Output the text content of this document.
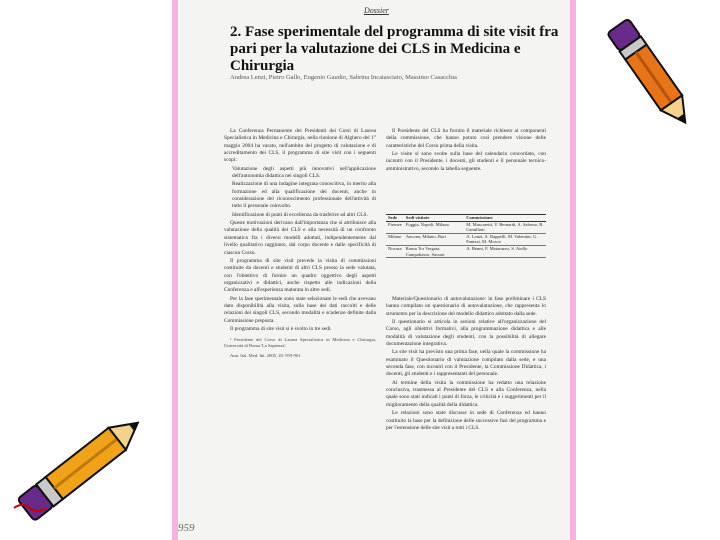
Dossier
2. Fase sperimentale del programma di site visit fra pari per la valutazione dei CLS in Medicina e Chirurgia
Andrea Lenzi, Pietro Gallo, Eugenio Gaudio, Sabrina Incatasciato, Massimo Casacchia

La Conferenza Permanente dei Presidenti dei Corsi di Laurea Specialistica in Medicina e Chirurgia, nella riunione di Alghero del 1° maggio 2004 ha varato, nell'ambito del progetto di valutazione e di accreditamento dei CLS, il programma di site visit con i seguenti scopi:

Valutazione degli aspetti più innovativi nell'applicazione dell'autonomia didattica nei singoli CLS.

Realizzazione di una indagine integrata conoscitiva, in merito alla formazione ed alla qualificazione dei docenti, anche in considerazione del riconoscimento professionale dell'attività di tutto il personale coinvolto.

Identificazione di punti di eccellenza da trasferire ad altri CLS.

Queste motivazioni derivano dall'importanza che si attribuisce alla valutazione della qualità dei CLS e alla necessità di un confronto sistematico fra i diversi modelli adottati, indipendentemente dal livello qualitativo raggiunto, dal corpo docente e dalle specificità di ciascun Corso.

Il programma di site visit prevede la visita di commissioni costituite da docenti e studenti di altri CLS presso la sede valutata, con l'obiettivo di fornire un quadro oggettivo degli aspetti organizzativi e didattici, anche rispetto alle indicazioni della Conferenza e all'esperienza maturata in altre sedi.

Per la fase sperimentale sono state selezionate le sedi che avevano dato disponibilità alla visita, sulla base dei dati raccolti e delle relazioni dei singoli CLS, secondo modalità e scadenze definite dalla Commissione preposta.

Il programma di site visit si è svolto in tre sedi.

¹ Presidente del Corso di Laurea Specialistica in Medicina e Chirurgia, Università di Roma 'La Sapienza'.

Ann. Ital. Med. Int. 2005, 20: 959-961

Il Presidente del CLS ha fornito il materiale richiesto ai componenti della commissione, che hanno potuto così prendere visione delle caratteristiche del Corso prima della visita.

Le visite si sono svolte sulla base del calendario concordato, con incontri con il Presidente, i docenti, gli studenti e il personale tecnico-amministrativo, secondo la tabella seguente.

Sede	Sedi visitate	Commissione
Firenze	Foggia, Napoli, Milano	M. Mascaretti, V. Bernardi, A. Salerno, R. Camilloni
Milano	Ancona, Milano, Bari	A. Lenzi, A. Rappelli, M. Valentini, G. Fanizzi, M. Mosca
Novara	Roma Tor Vergata, Campobasso, Sassari	A. Benni, F. Matarazzo, S. Aiello

Materiale/Questionario di autovalutazione: in fase preliminare i CLS hanno compilato un questionario di autovalutazione, che rappresenta lo strumento per la descrizione del modello didattico adottato dalla sede.

Il questionario si articola in sezioni relative all'organizzazione del Corso, agli obiettivi formativi, alla programmazione didattica e alle modalità di valutazione degli studenti, con la possibilità di allegare documentazione integrativa.

La site visit ha previsto una prima fase, nella quale la commissione ha esaminato il Questionario di valutazione compilato dalla sede, e una seconda fase, con incontri con il Presidente, la Commissione Didattica, i docenti, gli studenti e i rappresentanti del personale.

Al termine della visita la commissione ha redatto una relazione conclusiva, trasmessa al Presidente del CLS e alla Conferenza, nella quale sono stati indicati i punti di forza, le criticità e i suggerimenti per il miglioramento della qualità della didattica.

Le relazioni sono state discusse in sede di Conferenza ed hanno costituito la base per la definizione delle successive fasi del programma e per l'estensione delle site visit a tutti i CLS.

959
